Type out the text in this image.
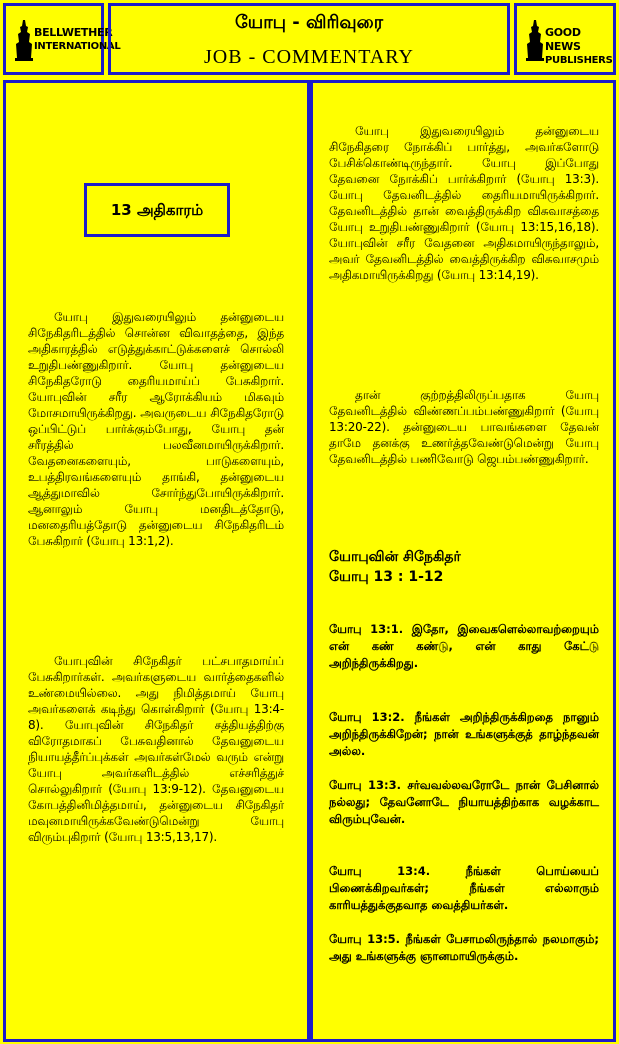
BELLWETHER
INTERNATIONAL
யோபு - விரிவுரை
JOB - COMMENTARY
GOOD NEWS
PUBLISHERS
13 அதிகாரம்
யோபு இதுவரையிலும் தன்னுடைய சிநேகிதரிடத்தில் சொன்ன விவாதத்தை, இந்த அதிகாரத்தில் எடுத்துக்காட்டுக்களைச் சொல்லி உறுதிபண்ணுகிறார். யோபு தன்னுடைய சிநேகிதரோடு தைரியமாய்ப் பேசுகிறார். யோபுவின் சரீர ஆரோக்கியம் மிகவும் மோசமாயிருக்கிறது. அவருடைய சிநேகிதரோடு ஒப்பிட்டுப் பார்க்கும்போது, யோபு தன் சரீரத்தில் பலவீனமாயிருக்கிறார். வேதனைகளையும், பாடுகளையும், உபத்திரவங்களையும் தாங்கி, தன்னுடைய ஆத்துமாவில் சோர்ந்துபோயிருக்கிறார். ஆனாலும் யோபு மனதிடத்தோடு, மனதைரியத்தோடு தன்னுடைய சிநேகிதரிடம் பேசுகிறார் (யோபு 13:1,2).
யோபுவின் சிநேகிதர் பட்சபாதமாய்ப் பேசுகிறார்கள். அவர்களுடைய வார்த்தைகளில் உண்மையில்லை. அது நிமித்தமாய் யோபு அவர்களைக் கடிந்து கொள்கிறார் (யோபு 13:4-8). யோபுவின் சிநேகிதர் சத்தியத்திற்கு விரோதமாகப் பேசுவதினால் தேவனுடைய நியாயத்தீர்ப்புக்கள் அவர்கள்மேல் வரும் என்று யோபு அவர்களிடத்தில் எச்சரித்துச் சொல்லுகிறார் (யோபு 13:9-12). தேவனுடைய கோபத்தினிமித்தமாய், தன்னுடைய சிநேகிதர் மவுனமாயிருக்கவேண்டுமென்று யோபு விரும்புகிறார் (யோபு 13:5,13,17).
யோபு இதுவரையிலும் தன்னுடைய சிநேகிதரை நோக்கிப் பார்த்து, அவர்களோடு பேசிக்கொண்டிருந்தார். யோபு இப்போது தேவனை நோக்கிப் பார்க்கிறார் (யோபு 13:3). யோபு தேவனிடத்தில் தைரியமாயிருக்கிறார். தேவனிடத்தில் தான் வைத்திருக்கிற விசுவாசத்தை யோபு உறுதிபண்ணுகிறார் (யோபு 13:15,16,18). யோபுவின் சரீர வேதனை அதிகமாயிருந்தாலும், அவர் தேவனிடத்தில் வைத்திருக்கிற விசுவாசமும் அதிகமாயிருக்கிறது (யோபு 13:14,19).
தான் குற்றத்திலிருப்பதாக யோபு தேவனிடத்தில் விண்ணப்பம்பண்ணுகிறார் (யோபு 13:20-22). தன்னுடைய பாவங்களை தேவன் தாமே தனக்கு உணர்த்தவேண்டுமென்று யோபு தேவனிடத்தில் பணிவோடு ஜெபம்பண்ணுகிறார்.
யோபுவின் சிநேகிதர்
யோபு 13 : 1-12
யோபு 13:1. இதோ, இவைகளெல்லாவற்றையும் என் கண் கண்டு, என் காது கேட்டு அறிந்திருக்கிறது.
யோபு 13:2. நீங்கள் அறிந்திருக்கிறதை நானும் அறிந்திருக்கிறேன்; நான் உங்களுக்குத் தாழ்ந்தவன் அல்ல.
யோபு 13:3. சர்வவல்லவரோடே நான் பேசினால் நல்லது; தேவனோடே நியாயத்திற்காக வழக்காட விரும்புவேன்.
யோபு 13:4. நீங்கள் பொய்யைப் பிணைக்கிறவர்கள்; நீங்கள் எல்லாரும் காரியத்துக்குதவாத வைத்தியர்கள்.
யோபு 13:5. நீங்கள் பேசாமலிருந்தால் நலமாகும்; அது உங்களுக்கு ஞானமாயிருக்கும்.
